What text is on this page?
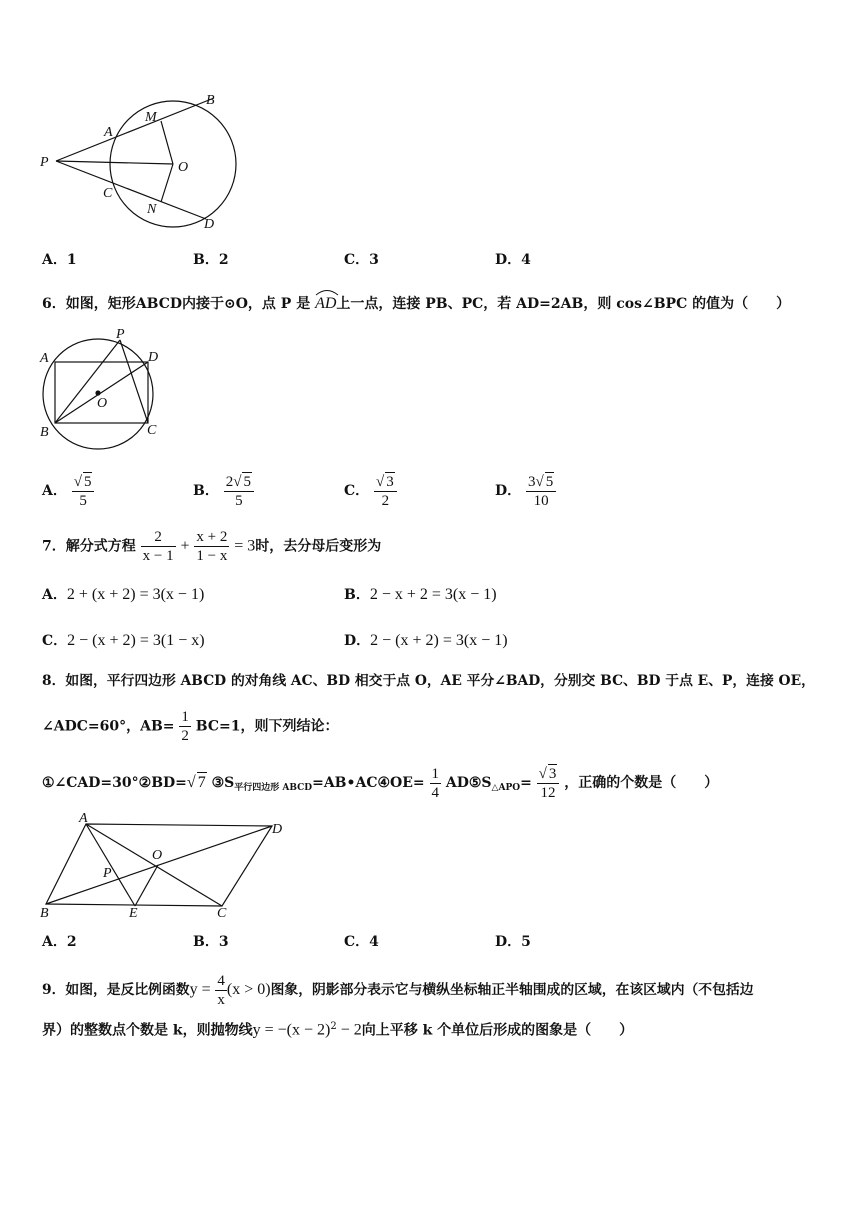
P
A
M
B
O
C
N
D
A．1	B．2	C．3	D．4
6．如图，矩形ABCD内接于⊙O，点 P 是 AD上一点，连接 PB、PC，若 AD=2AB，则 cos∠BPC 的值为（　　）
P
A	D
O
B	C
A． $\frac{√ 5}{5}$	B． $\frac{2√ 5}{5}$	C． $\frac{√ 3}{2}$	D． $\frac{3√ 5}{10}$
7．解分式方程 $\frac{2}{x - 1} + \frac{x + 2}{1 - x} = 3$时，去分母后变形为
A．2 + (x + 2) = 3(x − 1)	B．2 − x + 2 = 3(x − 1)
C．2 − (x + 2) = 3(1 − x)	D．2 − (x + 2) = 3(x − 1)
8．如图，平行四边形 ABCD 的对角线 AC、BD 相交于点 O，AE 平分∠BAD，分别交 BC、BD 于点 E、P，连接 OE，
∠ADC=60°，$AB= \frac{1}{2} BC=1$，则下列结论：
①∠CAD=30°②BD=√ 7 $③S_{平行四边形 ABCD}=AB•AC④OE= \frac{1}{4}$ $AD⑤S_{\triangle APO}= \frac{√ 3}{12}$ ，正确的个数是（　　）
A
D
O
P
B	E	C
A．2	B．3	C．4	D．5
9．如图，是反比例函数$y = \frac{4}{x} (x > 0)$图象，阴影部分表示它与横纵坐标轴正半轴围成的区域，在该区域内（不包括边
界）的整数点个数是 k，则抛物线$y = -(x - 2)^2 - 2$向上平移 k 个单位后形成的图象是（　　）
